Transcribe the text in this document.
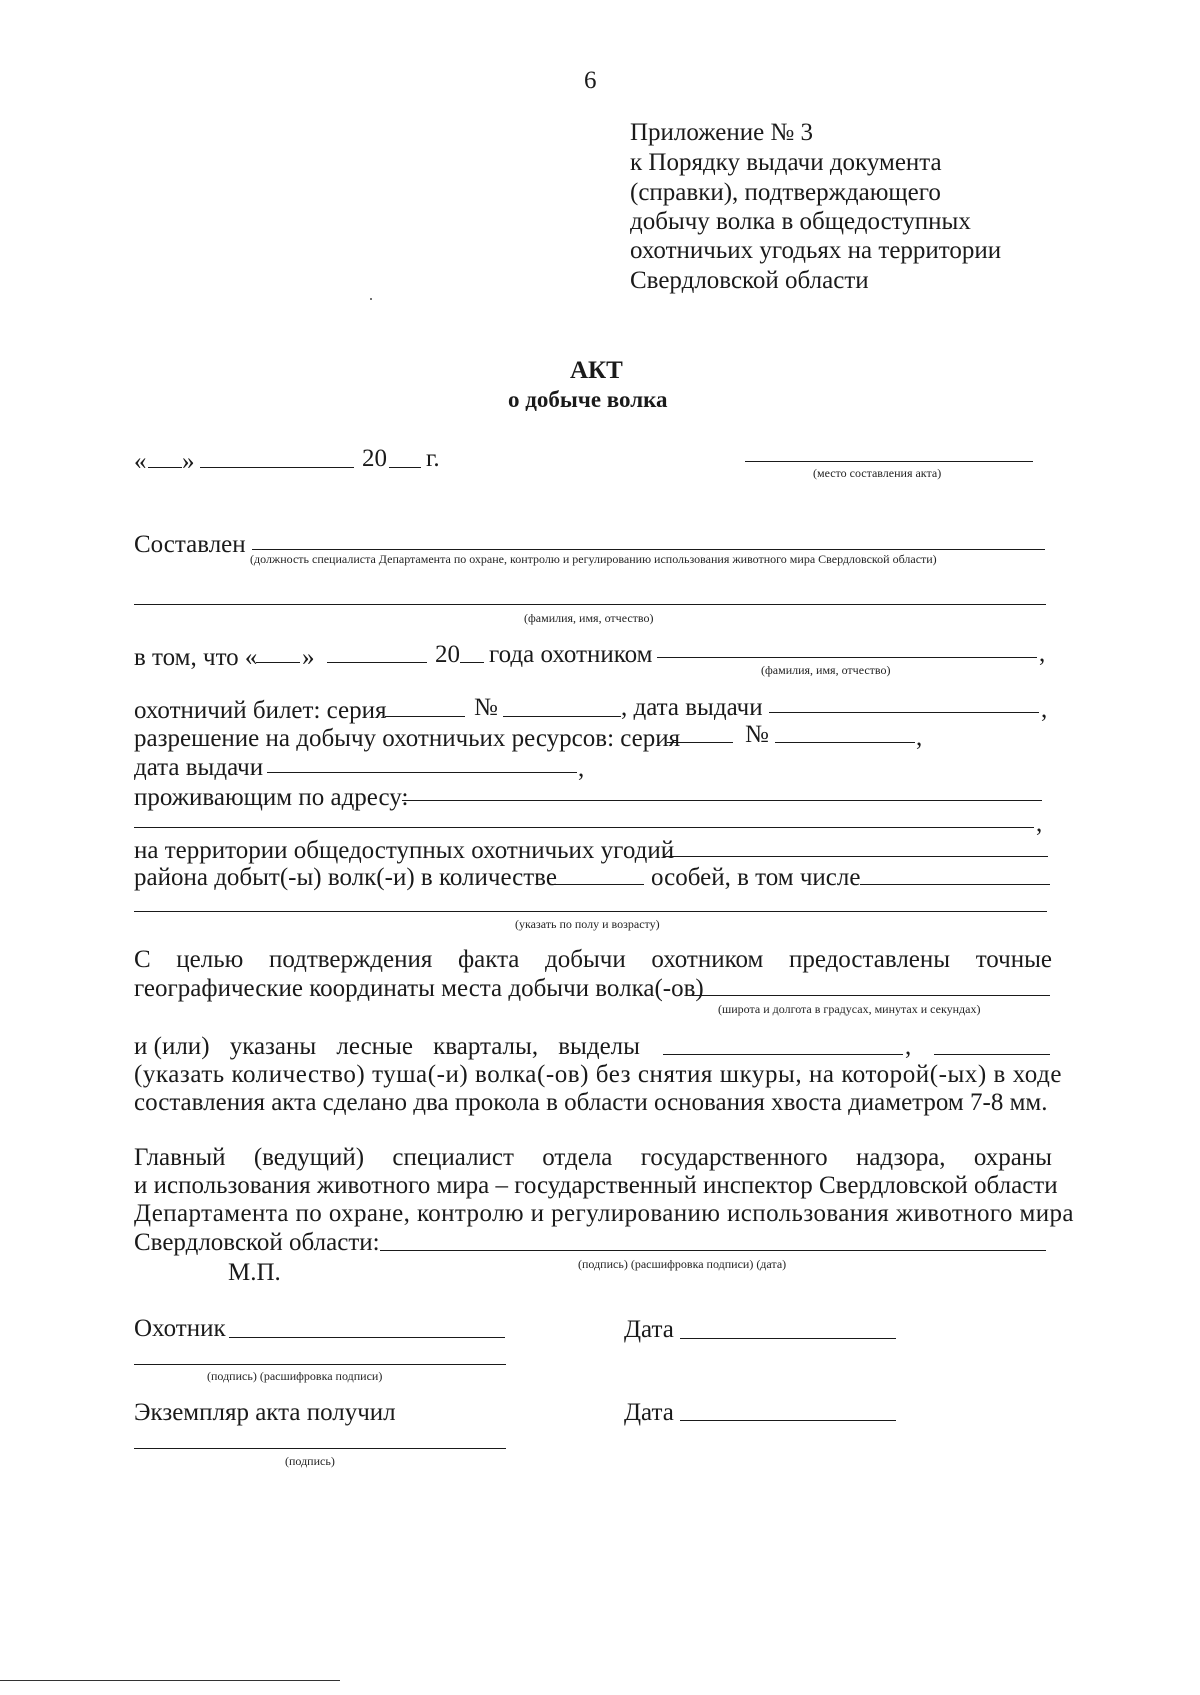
6
Приложение № 3
к Порядку выдачи документа
(справки), подтверждающего
добычу волка в общедоступных
охотничьих угодьях на территории
Свердловской области
АКТ
о добыче волка
« »	20 г.
(место составления акта)
Составлен
(должность специалиста Департамента по охране, контролю и регулированию использования животного мира Свердловской области)
(фамилия, имя, отчество)
в том, что « »	20 года охотником	,
(фамилия, имя, отчество)
охотничий билет: серия	№	, дата выдачи	,
разрешение на добычу охотничьих ресурсов: серия	№	,
дата выдачи	,
проживающим по адресу:
,
на территории общедоступных охотничьих угодий
района добыт(-ы) волк(-и) в количестве	особей, в том числе
(указать по полу и возрасту)
С целью подтверждения факта добычи охотником предоставлены точные
географические координаты места добычи волка(-ов)
(широта и долгота в градусах, минутах и секундах)
и (или) указаны лесные кварталы, выделы	,
(указать количество) туша(-и) волка(-ов) без снятия шкуры, на которой(-ых) в ходе
составления акта сделано два прокола в области основания хвоста диаметром 7-8 мм.
Главный (ведущий) специалист отдела государственного надзора, охраны
и использования животного мира – государственный инспектор Свердловской области
Департамента по охране, контролю и регулированию использования животного мира
Свердловской области:
(подпись) (расшифровка подписи) (дата)
М.П.
Охотник	Дата
(подпись) (расшифровка подписи)
Экземпляр акта получил	Дата
(подпись)
